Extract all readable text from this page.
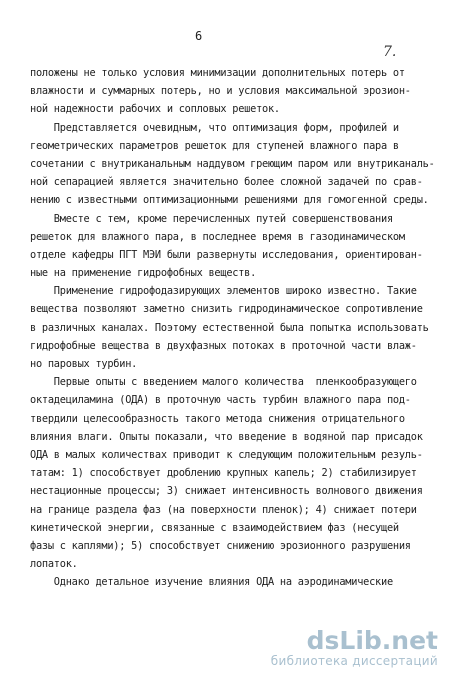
6
7.
положены не только условия минимизации дополнительных потерь от
влажности и суммарных потерь, но и условия максимальной эрозион-
ной надежности рабочих и сопловых решеток.
Представляется очевидным, что оптимизация форм, профилей и
геометрических параметров решеток для ступеней влажного пара в
сочетании с внутриканальным наддувом греющим паром или внутриканаль-
ной сепарацией является значительно более сложной задачей по срав-
нению с известными оптимизационными решениями для гомогенной среды.
Вместе с тем, кроме перечисленных путей совершенствования
решеток для влажного пара, в последнее время в газодинамическом
отделе кафедры ПГТ МЭИ были развернуты исследования, ориентирован-
ные на применение гидрофобных веществ.
Применение гидрофодазирующих элементов широко известно. Такие
вещества позволяют заметно снизить гидродинамическое сопротивление
в различных каналах. Поэтому естественной была попытка использовать
гидрофобные вещества в двухфазных потоках в проточной части влаж-
но паровых турбин.
Первые опыты с введением малого количества  пленкообразующего
октадециламина (ОДА) в проточную часть турбин влажного пара под-
твердили целесообразность такого метода снижения отрицательного
влияния влаги. Опыты показали, что введение в водяной пар присадок
ОДА в малых количествах приводит к следующим положительным резуль-
татам: 1) способствует дроблению крупных капель; 2) стабилизирует
нестационные процессы; 3) снижает интенсивность волнового движения
на границе раздела фаз (на поверхности пленок); 4) снижает потери
кинетической энергии, связанные с взаимодействием фаз (несущей
фазы с каплями); 5) способствует снижению эрозионного разрушения
лопаток.
Однако детальное изучение влияния ОДА на аэродинамические
dsLib.net
библиотека диссертаций
